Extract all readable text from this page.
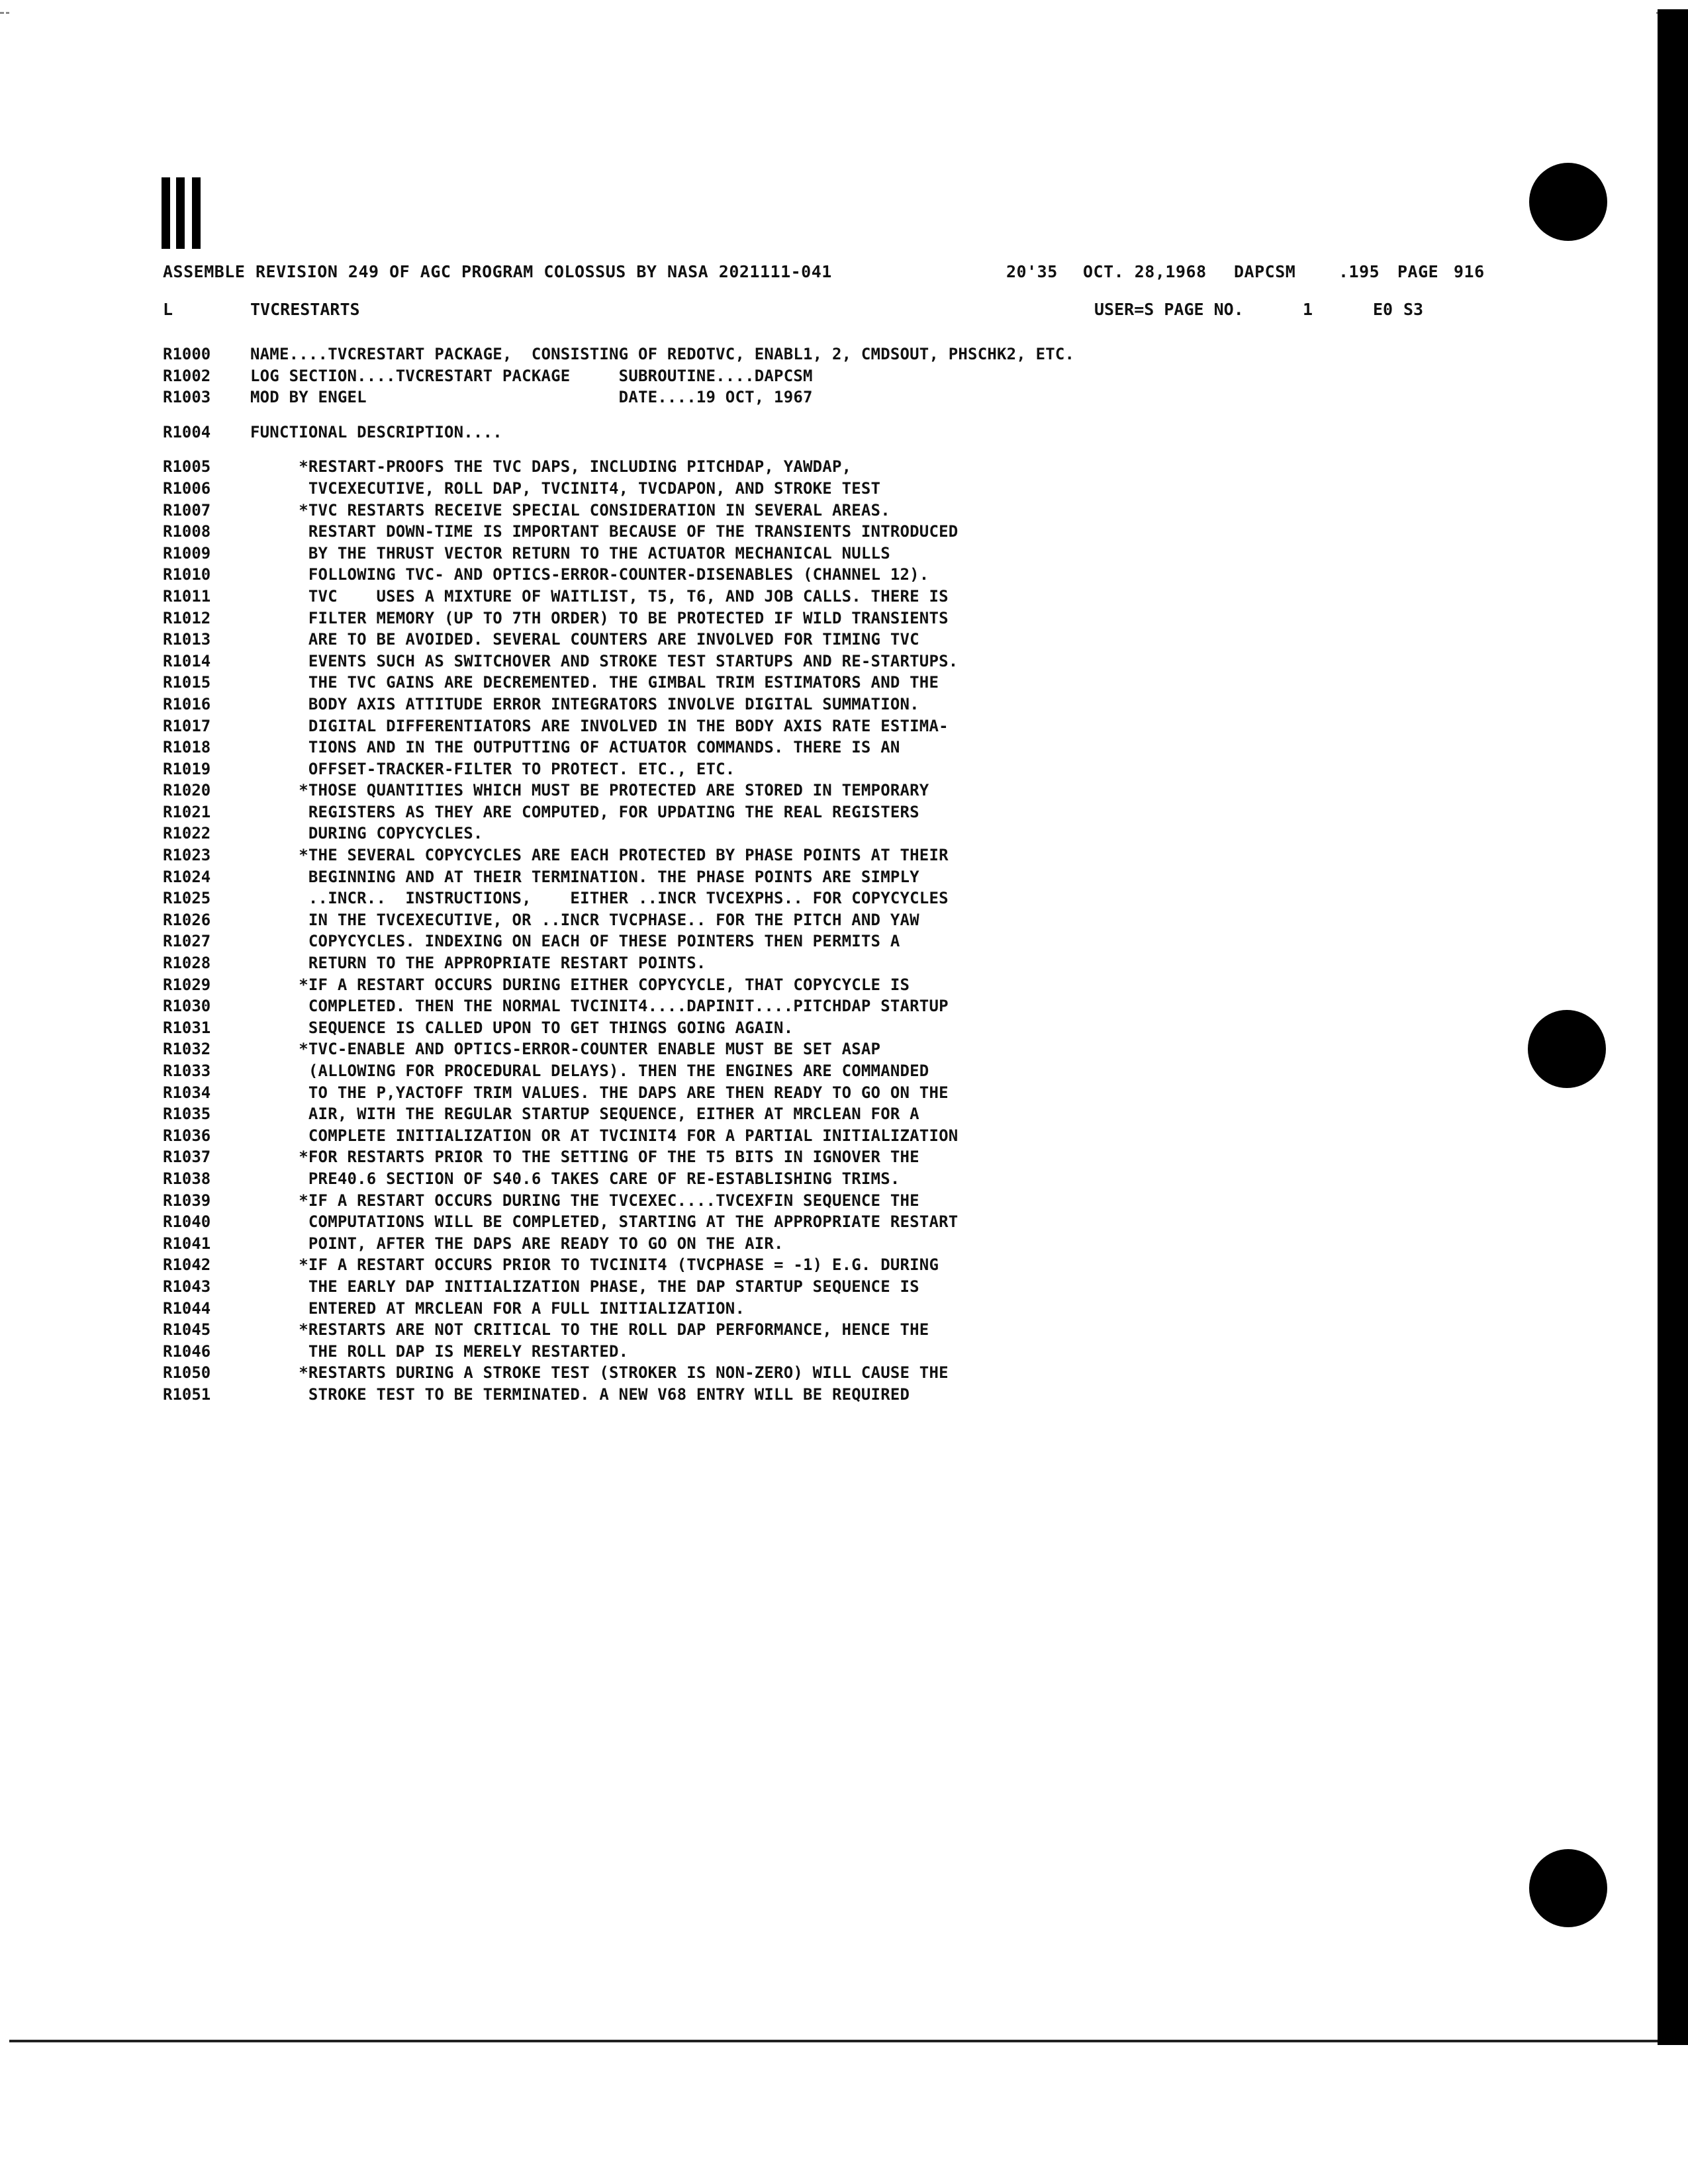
ASSEMBLE REVISION 249 OF AGC PROGRAM COLOSSUS BY NASA 2021111-041

	20'35

OCT. 28,1968

DAPCSM

	.195

PAGE

916

L

	TVCRESTARTS

	USER=S PAGE NO.

	1

	E0

S3

R1000 NAME....TVCRESTART PACKAGE,  CONSISTING OF REDOTVC, ENABL1, 2, CMDSOUT, PHSCHK2, ETC.
R1002 LOG SECTION....TVCRESTART PACKAGE     SUBROUTINE....DAPCSM
R1003 MOD BY ENGEL                          DATE....19 OCT, 1967
R1004 FUNCTIONAL DESCRIPTION....
R1005 *RESTART-PROOFS THE TVC DAPS, INCLUDING PITCHDAP, YAWDAP,
R1006 TVCEXECUTIVE, ROLL DAP, TVCINIT4, TVCDAPON, AND STROKE TEST
R1007 *TVC RESTARTS RECEIVE SPECIAL CONSIDERATION IN SEVERAL AREAS.
R1008 RESTART DOWN-TIME IS IMPORTANT BECAUSE OF THE TRANSIENTS INTRODUCED
R1009 BY THE THRUST VECTOR RETURN TO THE ACTUATOR MECHANICAL NULLS
R1010 FOLLOWING TVC- AND OPTICS-ERROR-COUNTER-DISENABLES (CHANNEL 12).
R1011 TVC    USES A MIXTURE OF WAITLIST, T5, T6, AND JOB CALLS. THERE IS
R1012 FILTER MEMORY (UP TO 7TH ORDER) TO BE PROTECTED IF WILD TRANSIENTS
R1013 ARE TO BE AVOIDED. SEVERAL COUNTERS ARE INVOLVED FOR TIMING TVC
R1014 EVENTS SUCH AS SWITCHOVER AND STROKE TEST STARTUPS AND RE-STARTUPS.
R1015 THE TVC GAINS ARE DECREMENTED. THE GIMBAL TRIM ESTIMATORS AND THE
R1016 BODY AXIS ATTITUDE ERROR INTEGRATORS INVOLVE DIGITAL SUMMATION.
R1017 DIGITAL DIFFERENTIATORS ARE INVOLVED IN THE BODY AXIS RATE ESTIMA-
R1018 TIONS AND IN THE OUTPUTTING OF ACTUATOR COMMANDS. THERE IS AN
R1019 OFFSET-TRACKER-FILTER TO PROTECT. ETC., ETC.
R1020 *THOSE QUANTITIES WHICH MUST BE PROTECTED ARE STORED IN TEMPORARY
R1021 REGISTERS AS THEY ARE COMPUTED, FOR UPDATING THE REAL REGISTERS
R1022 DURING COPYCYCLES.
R1023 *THE SEVERAL COPYCYCLES ARE EACH PROTECTED BY PHASE POINTS AT THEIR
R1024 BEGINNING AND AT THEIR TERMINATION. THE PHASE POINTS ARE SIMPLY
R1025 ..INCR..  INSTRUCTIONS,    EITHER ..INCR TVCEXPHS.. FOR COPYCYCLES
R1026 IN THE TVCEXECUTIVE, OR ..INCR TVCPHASE.. FOR THE PITCH AND YAW
R1027 COPYCYCLES. INDEXING ON EACH OF THESE POINTERS THEN PERMITS A
R1028 RETURN TO THE APPROPRIATE RESTART POINTS.
R1029 *IF A RESTART OCCURS DURING EITHER COPYCYCLE, THAT COPYCYCLE IS
R1030 COMPLETED. THEN THE NORMAL TVCINIT4....DAPINIT....PITCHDAP STARTUP
R1031 SEQUENCE IS CALLED UPON TO GET THINGS GOING AGAIN.
R1032 *TVC-ENABLE AND OPTICS-ERROR-COUNTER ENABLE MUST BE SET ASAP
R1033 (ALLOWING FOR PROCEDURAL DELAYS). THEN THE ENGINES ARE COMMANDED
R1034 TO THE P,YACTOFF TRIM VALUES. THE DAPS ARE THEN READY TO GO ON THE
R1035 AIR, WITH THE REGULAR STARTUP SEQUENCE, EITHER AT MRCLEAN FOR A
R1036 COMPLETE INITIALIZATION OR AT TVCINIT4 FOR A PARTIAL INITIALIZATION
R1037 *FOR RESTARTS PRIOR TO THE SETTING OF THE T5 BITS IN IGNOVER THE
R1038 PRE40.6 SECTION OF S40.6 TAKES CARE OF RE-ESTABLISHING TRIMS.
R1039 *IF A RESTART OCCURS DURING THE TVCEXEC....TVCEXFIN SEQUENCE THE
R1040 COMPUTATIONS WILL BE COMPLETED, STARTING AT THE APPROPRIATE RESTART
R1041 POINT, AFTER THE DAPS ARE READY TO GO ON THE AIR.
R1042 *IF A RESTART OCCURS PRIOR TO TVCINIT4 (TVCPHASE = -1) E.G. DURING
R1043 THE EARLY DAP INITIALIZATION PHASE, THE DAP STARTUP SEQUENCE IS
R1044 ENTERED AT MRCLEAN FOR A FULL INITIALIZATION.
R1045 *RESTARTS ARE NOT CRITICAL TO THE ROLL DAP PERFORMANCE, HENCE THE
R1046 THE ROLL DAP IS MERELY RESTARTED.
R1050 *RESTARTS DURING A STROKE TEST (STROKER IS NON-ZERO) WILL CAUSE THE
R1051 STROKE TEST TO BE TERMINATED. A NEW V68 ENTRY WILL BE REQUIRED
